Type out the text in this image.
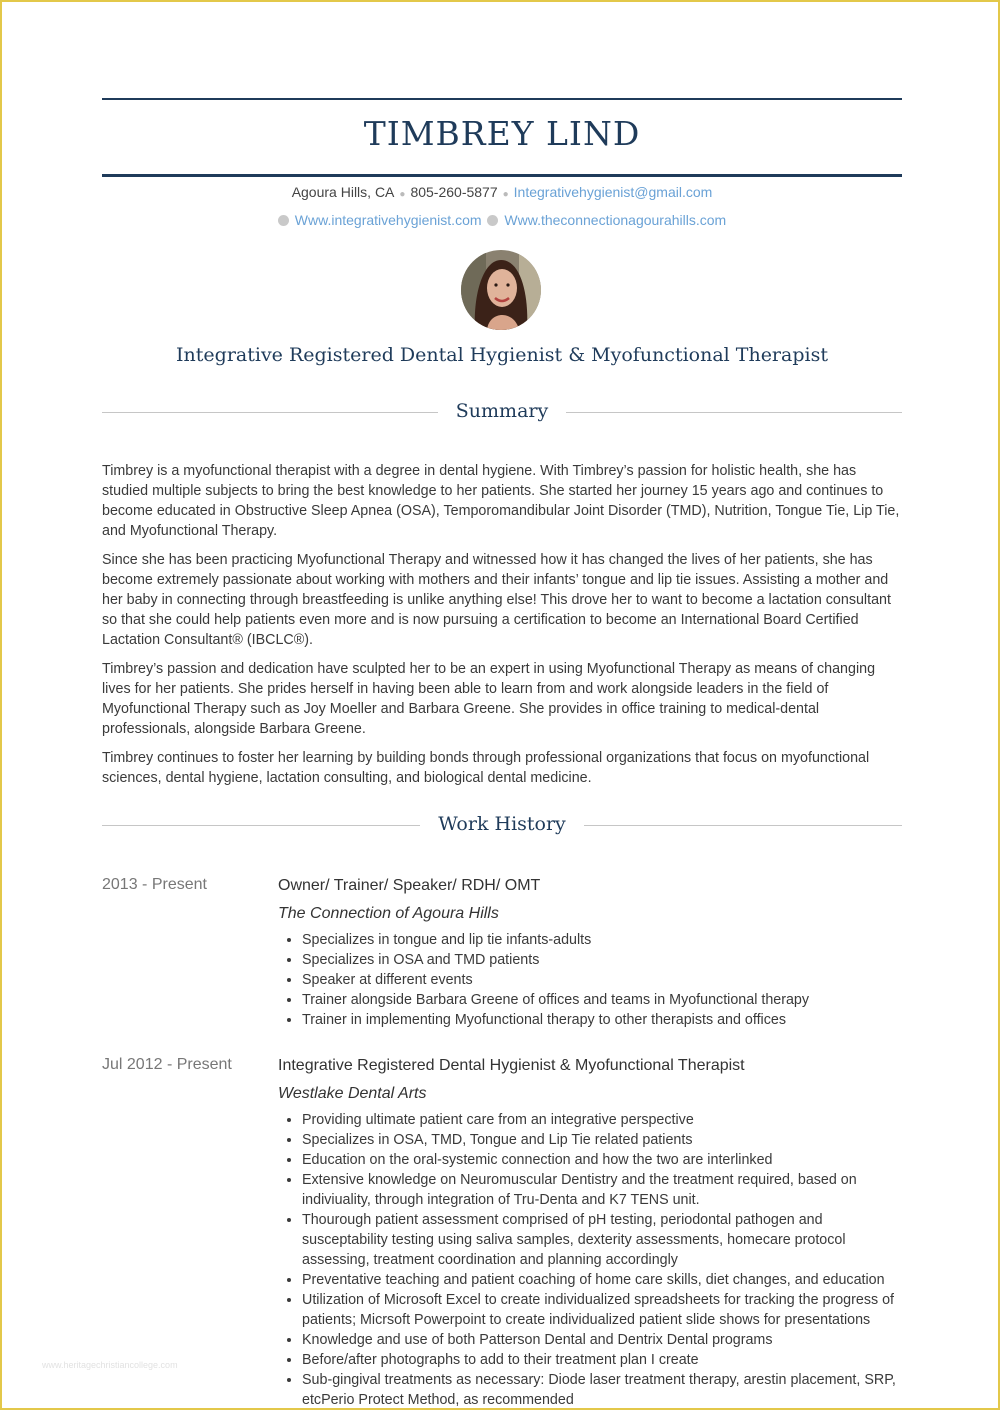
TIMBREY LIND
Agoura Hills, CA ● 805-260-5877 ● Integrativehygienist@gmail.com
Www.integrativehygienist.com Www.theconnectionagourahills.com
Integrative Registered Dental Hygienist & Myofunctional Therapist
Summary

Timbrey is a myofunctional therapist with a degree in dental hygiene. With Timbrey’s passion for holistic health, she has studied multiple subjects to bring the best knowledge to her patients. She started her journey 15 years ago and continues to become educated in Obstructive Sleep Apnea (OSA), Temporomandibular Joint Disorder (TMD), Nutrition, Tongue Tie, Lip Tie, and Myofunctional Therapy.

Since she has been practicing Myofunctional Therapy and witnessed how it has changed the lives of her patients, she has become extremely passionate about working with mothers and their infants’ tongue and lip tie issues. Assisting a mother and her baby in connecting through breastfeeding is unlike anything else! This drove her to want to become a lactation consultant so that she could help patients even more and is now pursuing a certification to become an International Board Certified Lactation Consultant® (IBCLC®).

Timbrey’s passion and dedication have sculpted her to be an expert in using Myofunctional Therapy as means of changing lives for her patients. She prides herself in having been able to learn from and work alongside leaders in the field of Myofunctional Therapy such as Joy Moeller and Barbara Greene. She provides in office training to medical-dental professionals, alongside Barbara Greene.

Timbrey continues to foster her learning by building bonds through professional organizations that focus on myofunctional sciences, dental hygiene, lactation consulting, and biological dental medicine.

Work History
2013 - Present	Owner/ Trainer/ Speaker/ RDH/ OMT
The Connection of Agoura Hills
• Specializes in tongue and lip tie infants-adults
• Specializes in OSA and TMD patients
• Speaker at different events
• Trainer alongside Barbara Greene of offices and teams in Myofunctional therapy
• Trainer in implementing Myofunctional therapy to other therapists and offices
Jul 2012 - Present	Integrative Registered Dental Hygienist & Myofunctional Therapist
Westlake Dental Arts
• Providing ultimate patient care from an integrative perspective
• Specializes in OSA, TMD, Tongue and Lip Tie related patients
• Education on the oral-systemic connection and how the two are interlinked
• Extensive knowledge on Neuromuscular Dentistry and the treatment required, based on indiviuality, through integration of Tru-Denta and K7 TENS unit.
• Thourough patient assessment comprised of pH testing, periodontal pathogen and susceptability testing using saliva samples, dexterity assessments, homecare protocol assessing, treatment coordination and planning accordingly
• Preventative teaching and patient coaching of home care skills, diet changes, and education
• Utilization of Microsoft Excel to create individualized spreadsheets for tracking the progress of patients; Micrsoft Powerpoint to create individualized patient slide shows for presentations
• Knowledge and use of both Patterson Dental and Dentrix Dental programs
• Before/after photographs to add to their treatment plan I create
• Sub-gingival treatments as necessary: Diode laser treatment therapy, arestin placement, SRP, etcPerio Protect Method, as recommended
www.heritagechristiancollege.com
